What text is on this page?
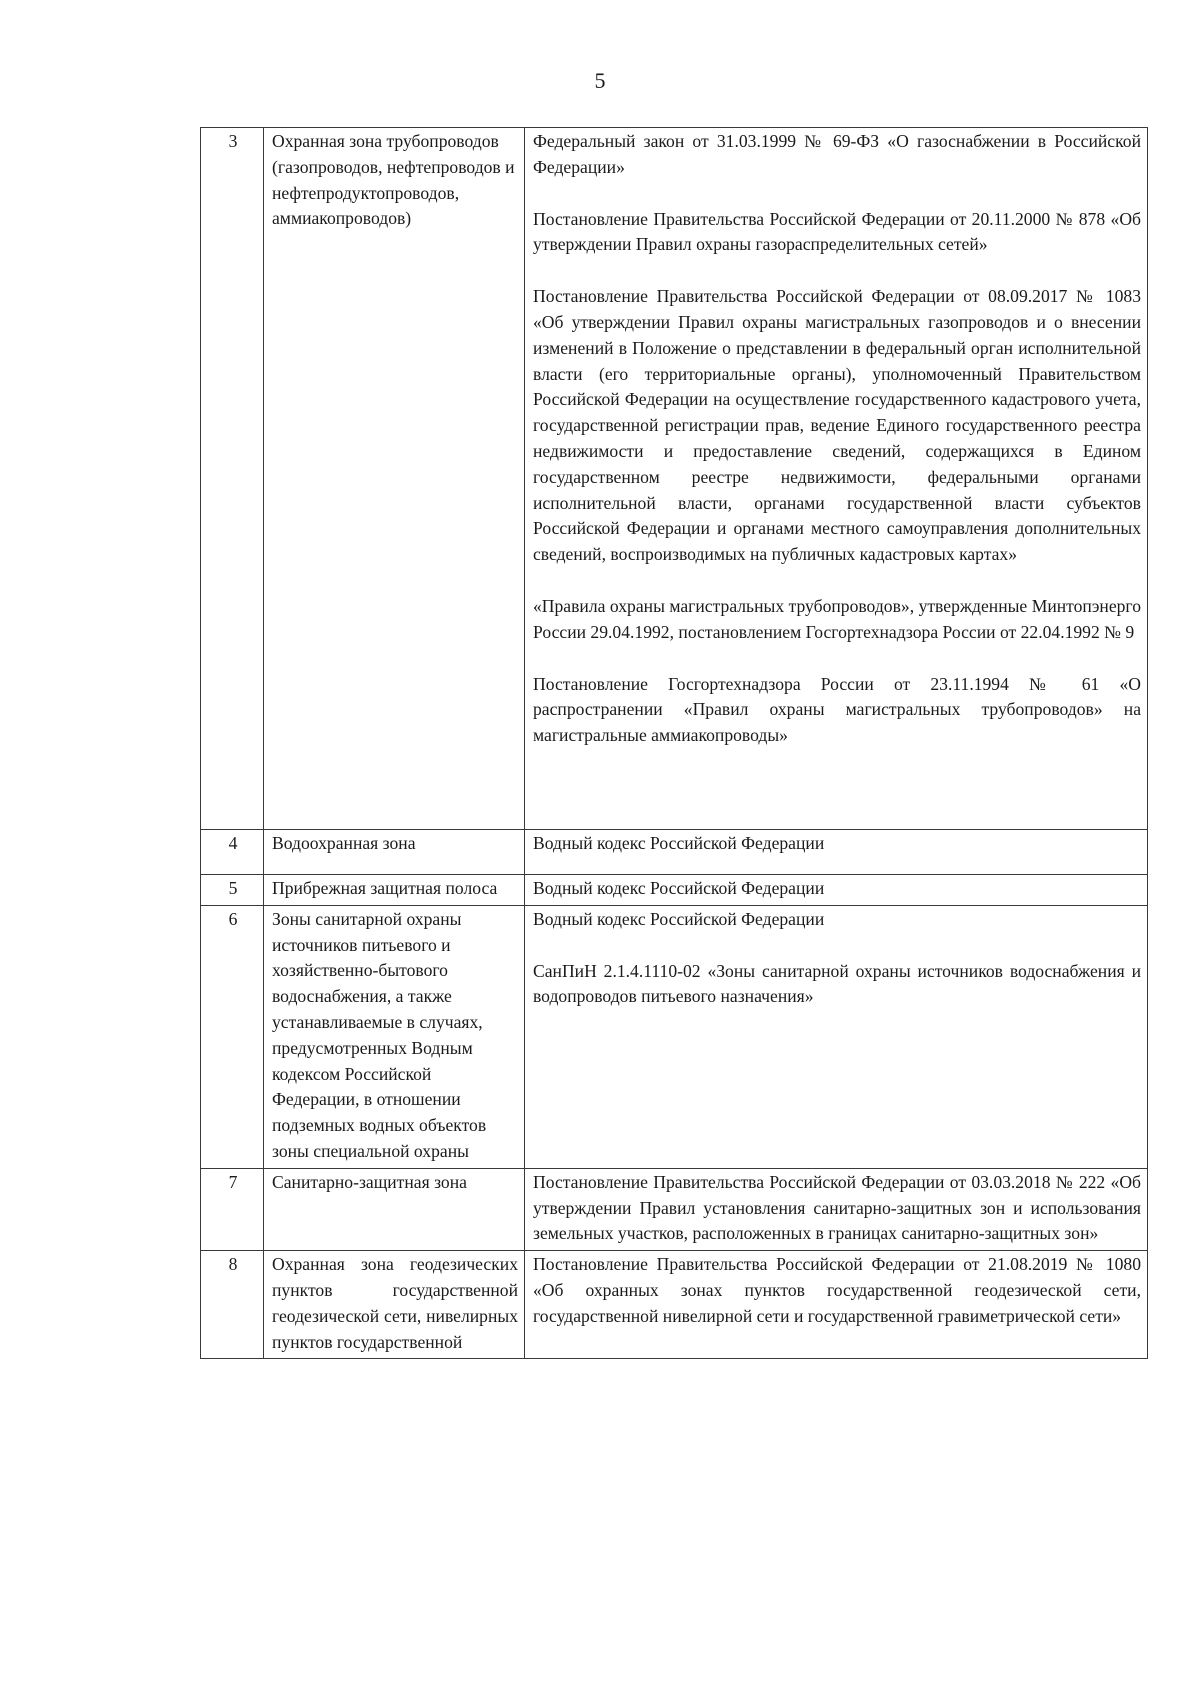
5
3	Охранная зона трубопроводов (газопроводов, нефтепроводов и нефтепродуктопроводов, аммиакопроводов)	Федеральный закон от 31.03.1999 № 69-ФЗ «О газоснабжении в Российской Федерации»

Постановление Правительства Российской Федерации от 20.11.2000 № 878 «Об утверждении Правил охраны газораспределительных сетей»

Постановление Правительства Российской Федерации от 08.09.2017 № 1083 «Об утверждении Правил охраны магистральных газопроводов и о внесении изменений в Положение о представлении в федеральный орган исполнительной власти (его территориальные органы), уполномоченный Правительством Российской Федерации на осуществление государственного кадастрового учета, государственной регистрации прав, ведение Единого государственного реестра недвижимости и предоставление сведений, содержащихся в Едином государственном реестре недвижимости, федеральными органами исполнительной власти, органами государственной власти субъектов Российской Федерации и органами местного самоуправления дополнительных сведений, воспроизводимых на публичных кадастровых картах»

«Правила охраны магистральных трубопроводов», утвержденные Минтопэнерго России 29.04.1992, постановлением Госгортехнадзора России от 22.04.1992 № 9

Постановление Госгортехнадзора России от 23.11.1994 № 61 «О распространении «Правил охраны магистральных трубопроводов» на магистральные аммиакопроводы»

4	Водоохранная зона	Водный кодекс Российской Федерации

5	Прибрежная защитная полоса	Водный кодекс Российской Федерации

6	Зоны санитарной охраны источников питьевого и хозяйственно-бытового водоснабжения, а также устанавливаемые в случаях, предусмотренных Водным кодексом Российской Федерации, в отношении подземных водных объектов зоны специальной охраны	Водный кодекс Российской Федерации

СанПиН 2.1.4.1110-02 «Зоны санитарной охраны источников водоснабжения и водопроводов питьевого назначения»

7	Санитарно-защитная зона	Постановление Правительства Российской Федерации от 03.03.2018 № 222 «Об утверждении Правил установления санитарно-защитных зон и использования земельных участков, расположенных в границах санитарно-защитных зон»

8	Охранная зона геодезических пунктов государственной геодезической сети, нивелирных пунктов государственной	Постановление Правительства Российской Федерации от 21.08.2019 № 1080 «Об охранных зонах пунктов государственной геодезической сети, государственной нивелирной сети и государственной гравиметрической сети»
